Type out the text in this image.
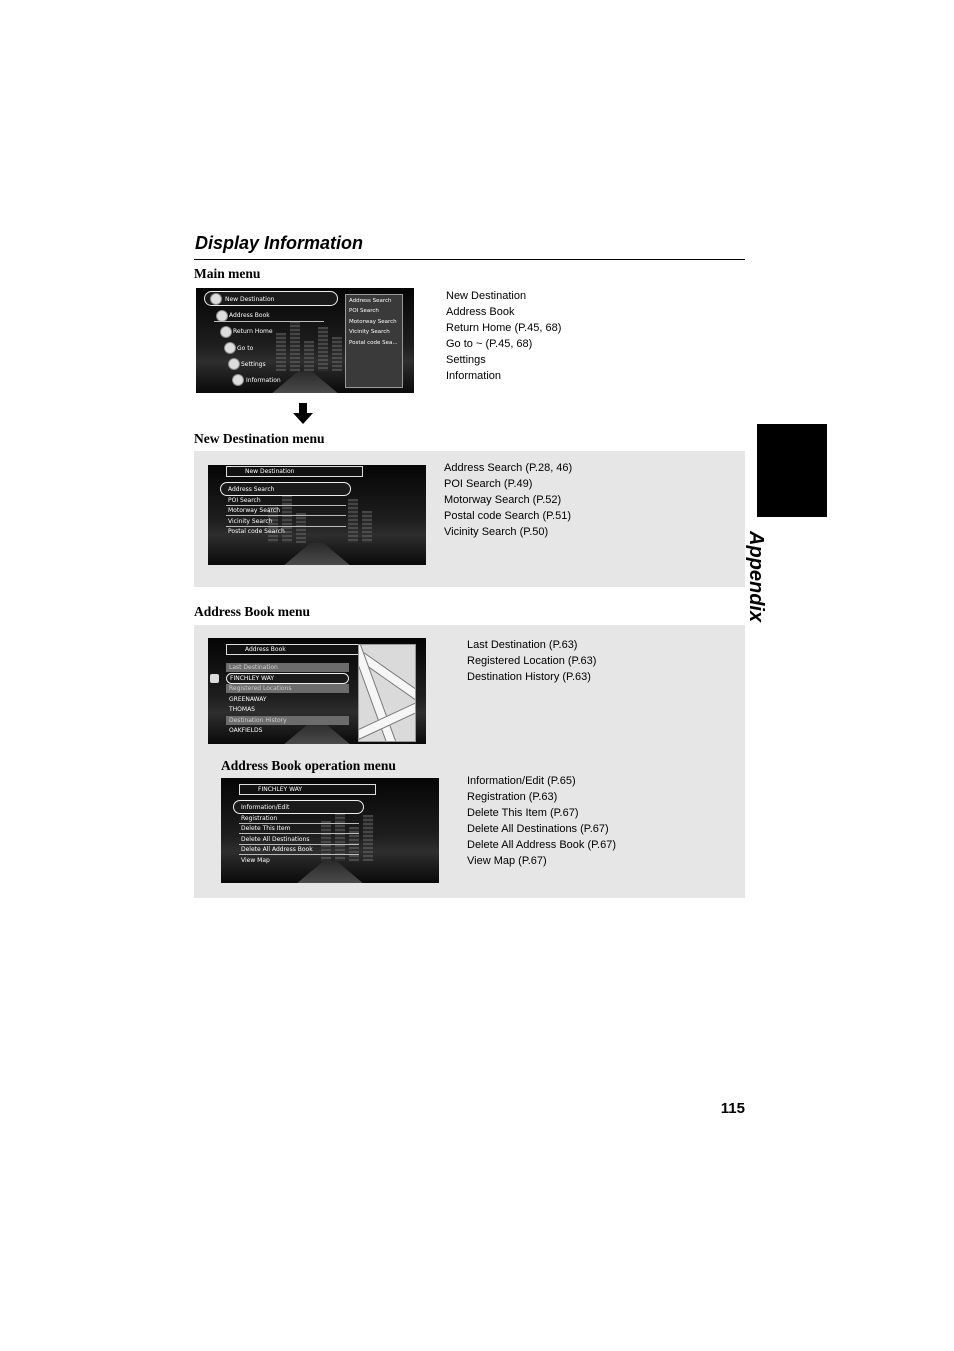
Display Information
Appendix
Main menu
New Destination
Address Book
Return Home
Go to
Settings
Information
Address Search
POI Search
Motorway Search
Vicinity Search
Postal code Sea...
New Destination
Address Book
Return Home (P.45, 68)
Go to ~ (P.45, 68)
Settings
Information
New Destination menu
New Destination
Address Search
POI Search
Motorway Search
Vicinity Search
Postal code Search
Address Search (P.28, 46)
POI Search (P.49)
Motorway Search (P.52)
Postal code Search (P.51)
Vicinity Search (P.50)
Address Book menu
Address Book
Last Destination
FINCHLEY WAY
Registered Locations
GREENAWAY
THOMAS
Destination History
OAKFIELDS
Last Destination (P.63)
Registered Location (P.63)
Destination History (P.63)
Address Book operation menu
FINCHLEY WAY
Information/Edit
Registration
Delete This Item
Delete All Destinations
Delete All Address Book
View Map
Information/Edit (P.65)
Registration (P.63)
Delete This Item (P.67)
Delete All Destinations (P.67)
Delete All Address Book (P.67)
View Map (P.67)
115
